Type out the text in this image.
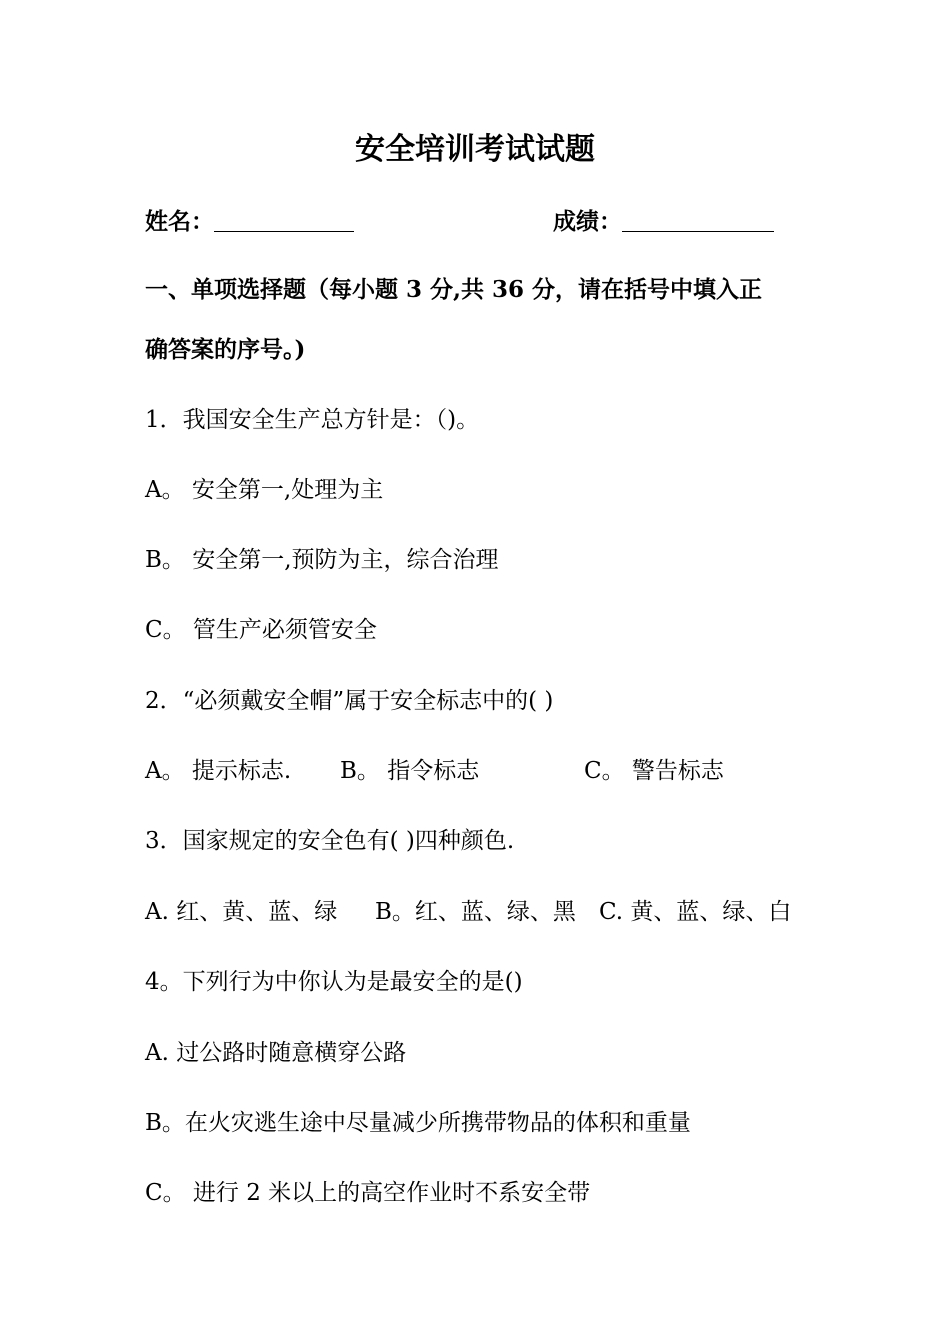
安全培训考试试题
姓名：	成绩：
一、单项选择题（每小题 3 分,共 36 分，请在括号中填入正
确答案的序号。)
1．我国安全生产总方针是：（)。
A。 安全第一,处理为主
B。 安全第一,预防为主，综合治理
C。 管生产必须管安全
2．“必须戴安全帽”属于安全标志中的( )
A。 提示标志. B。 指令标志	C。 警告标志
3．国家规定的安全色有( )四种颜色.
A. 红、黄、蓝、绿 B。红、蓝、绿、黑 C. 黄、蓝、绿、白
4。下列行为中你认为是最安全的是()
A. 过公路时随意横穿公路
B。在火灾逃生途中尽量减少所携带物品的体积和重量
C。 进行 2 米以上的高空作业时不系安全带
